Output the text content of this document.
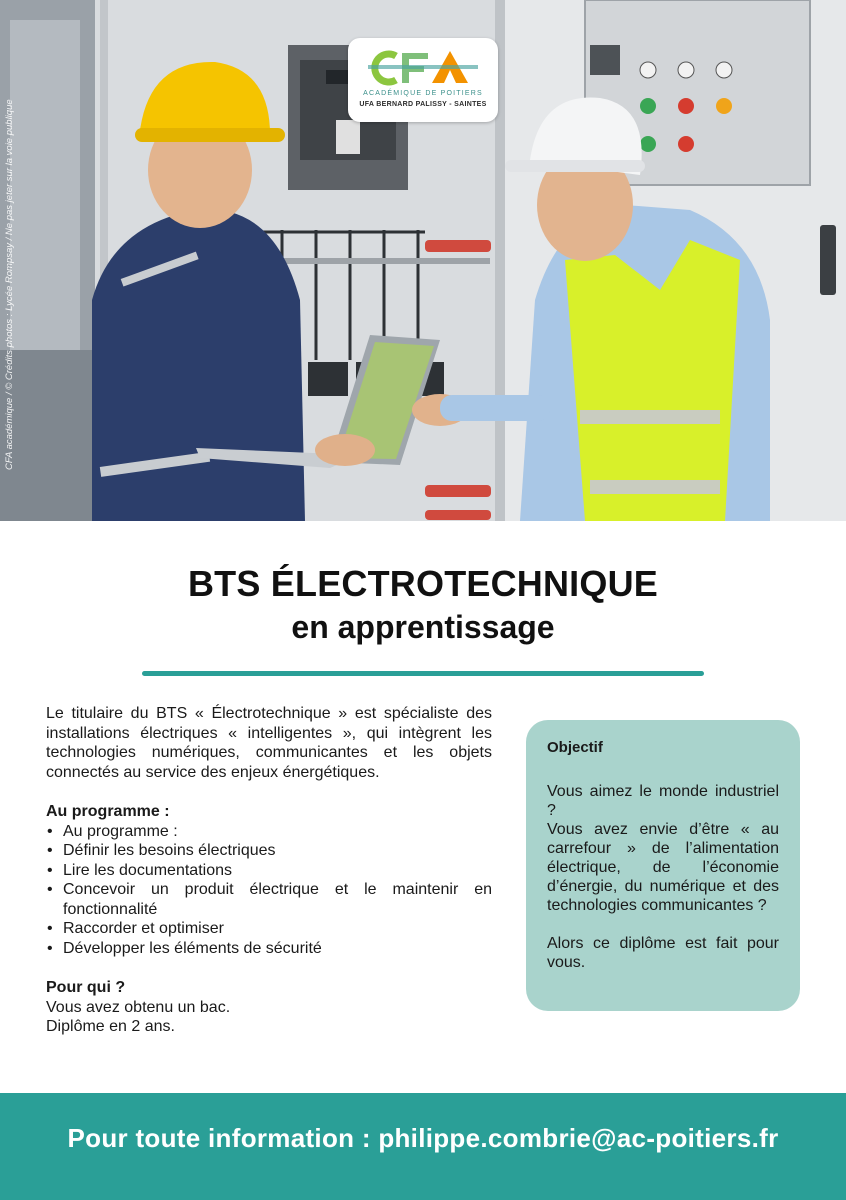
CFA académique / © Crédits photos : Lycée Rompsay / Ne pas jeter sur la voie publique
ACADÉMIQUE DE POITIERS
UFA BERNARD PALISSY - SAINTES
BTS ÉLECTROTECHNIQUE
en apprentissage

Le titulaire du BTS « Électrotechnique » est spécialiste des installations électriques « intelligentes », qui intègrent les technologies numériques, communicantes et les objets connectés au service des enjeux énergétiques.

Au programme :
• Au programme :
• Définir les besoins électriques
• Lire les documentations
• Concevoir un produit électrique et le maintenir en fonctionnalité
• Raccorder et optimiser
• Développer les éléments de sécurité
Pour qui ?
Vous avez obtenu un bac.
Diplôme en 2 ans.
Objectif

Vous aimez le monde industriel ?

Vous avez envie d’être « au carrefour » de l’alimentation électrique, de l’économie d’énergie, du numérique et des technologies communicantes ?

Alors ce diplôme est fait pour vous.

Pour toute information : philippe.combrie@ac-poitiers.fr
